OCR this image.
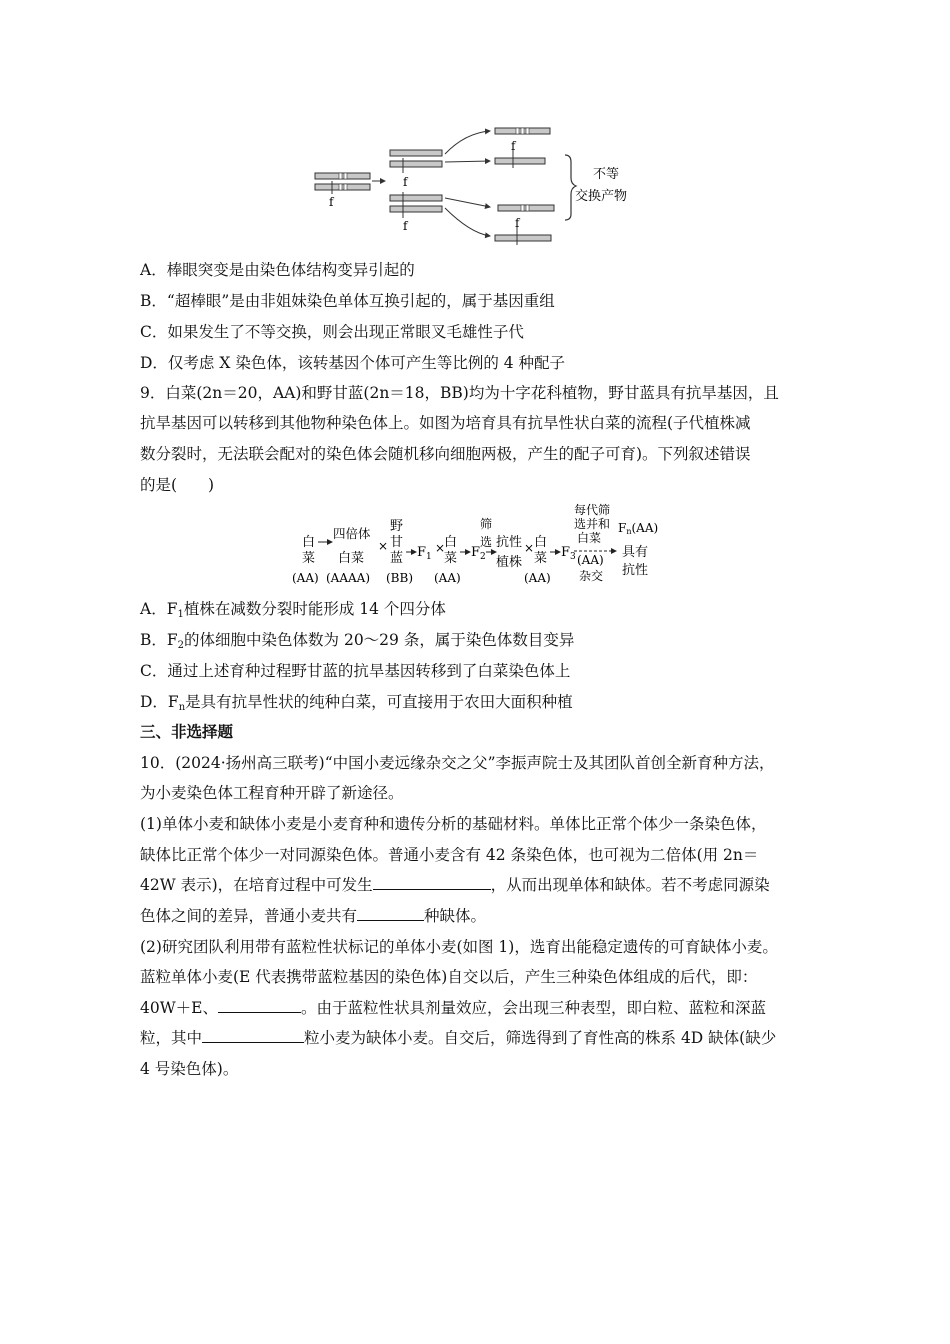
f
f
f
f
f
不等
交换产物
A．棒眼突变是由染色体结构变异引起的
B．“超棒眼”是由非姐妹染色单体互换引起的，属于基因重组
C．如果发生了不等交换，则会出现正常眼叉毛雄性子代
D．仅考虑 X 染色体，该转基因个体可产生等比例的 4 种配子
9．白菜(2n＝20，AA)和野甘蓝(2n＝18，BB)均为十字花科植物，野甘蓝具有抗旱基因，且
抗旱基因可以转移到其他物种染色体上。如图为培育具有抗旱性状白菜的流程(子代植株减
数分裂时，无法联会配对的染色体会随机移向细胞两极，产生的配子可育)。下列叙述错误
的是(　　)
白
菜
(AA)
四倍体
白菜
(AAAA)
×
野
甘
蓝
(BB)
$F_1$
×
白
菜
(AA)
$F_2$
筛
选 抗性
植株
× 白
菜
(AA)
$F_3$
每代筛
选并和
白菜
(AA)
杂交
Fn(AA)
具有
抗性
A．$F_1$植株在减数分裂时能形成 14 个四分体
B．$F_2$的体细胞中染色体数为 20～29 条，属于染色体数目变异
C．通过上述育种过程野甘蓝的抗旱基因转移到了白菜染色体上
D．$F_n$是具有抗旱性状的纯种白菜，可直接用于农田大面积种植
三、非选择题
10．(2024·扬州高三联考)“中国小麦远缘杂交之父”李振声院士及其团队首创全新育种方法，
为小麦染色体工程育种开辟了新途径。
(1)单体小麦和缺体小麦是小麦育种和遗传分析的基础材料。单体比正常个体少一条染色体，
缺体比正常个体少一对同源染色体。普通小麦含有 42 条染色体，也可视为二倍体(用 2n＝
42W 表示)，在培育过程中可发生	，从而出现单体和缺体。若不考虑同源染
色体之间的差异，普通小麦共有	种缺体。
(2)研究团队利用带有蓝粒性状标记的单体小麦(如图 1)，选育出能稳定遗传的可育缺体小麦。
蓝粒单体小麦(E 代表携带蓝粒基因的染色体)自交以后，产生三种染色体组成的后代，即：
40W＋E、	。由于蓝粒性状具剂量效应，会出现三种表型，即白粒、蓝粒和深蓝
粒，其中	粒小麦为缺体小麦。自交后，筛选得到了育性高的株系 4D 缺体(缺少
4 号染色体)。
